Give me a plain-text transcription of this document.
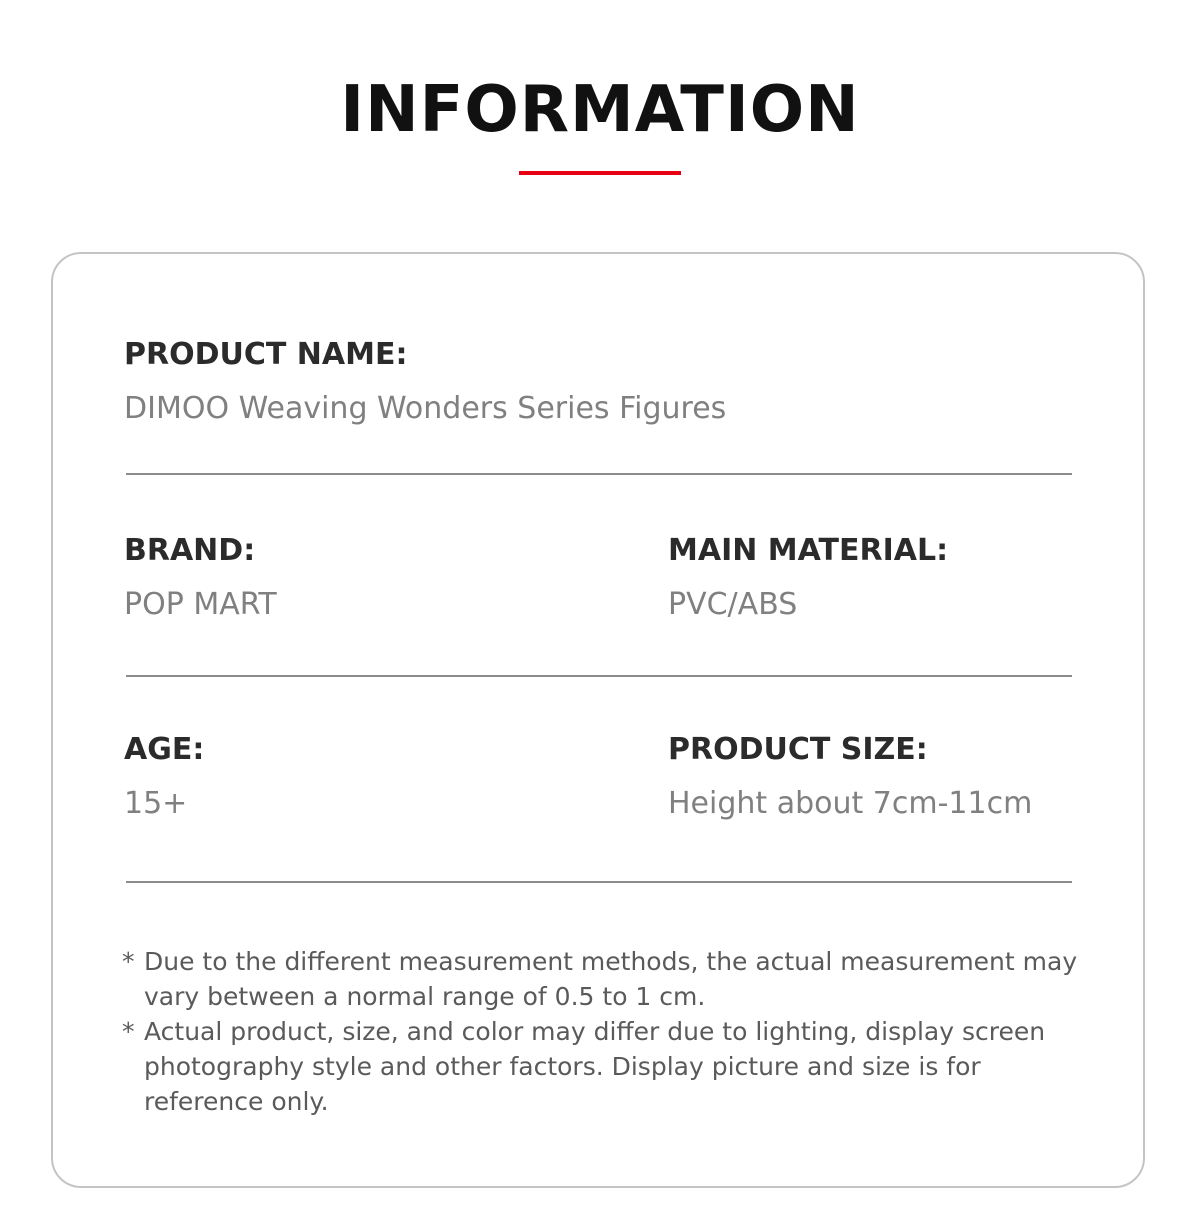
INFORMATION
PRODUCT NAME:
DIMOO Weaving Wonders Series Figures
BRAND:
POP MART
MAIN MATERIAL:
PVC/ABS
AGE:
15+
PRODUCT SIZE:
Height about 7cm-11cm
* Due to the different measurement methods, the actual measurement may vary between a normal range of 0.5 to 1 cm.
* Actual product, size, and color may differ due to lighting, display screen photography style and other factors. Display picture and size is for reference only.
